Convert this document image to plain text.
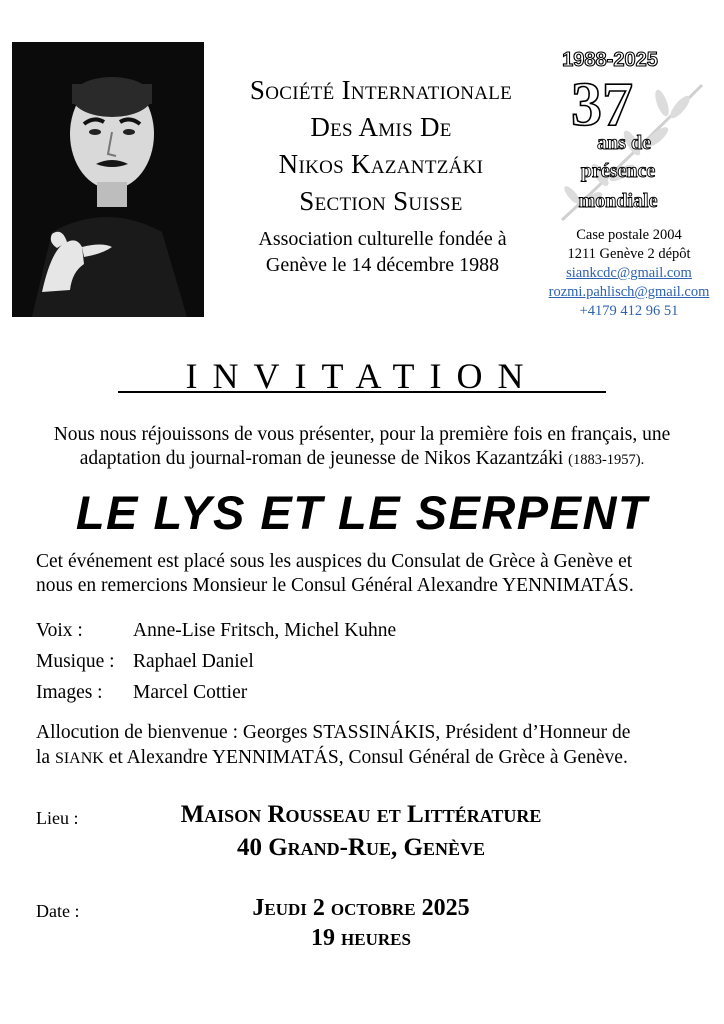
Société Internationale
Des Amis De
Nikos Kazantzáki
Section Suisse
Association culturelle fondée à
Genève le 14 décembre 1988
1988-2025
37
ans de
présence
mondiale
Case postale 2004
1211 Genève 2 dépôt
siankcdc@gmail.com
rozmi.pahlisch@gmail.com
+4179 412 96 51
INVITATION
Nous nous réjouissons de vous présenter, pour la première fois en français, une
adaptation du journal-roman de jeunesse de Nikos Kazantzáki (1883-1957).
LE LYS ET LE SERPENT
Cet événement est placé sous les auspices du Consulat de Grèce à Genève et
nous en remercions Monsieur le Consul Général Alexandre YENNIMATÁS.
Voix :	Anne-Lise Fritsch, Michel Kuhne
Musique : Raphael Daniel
Images : Marcel Cottier
Allocution de bienvenue : Georges STASSINÁKIS, Président d’Honneur de
la SIANK et Alexandre YENNIMATÁS, Consul Général de Grèce à Genève.
Lieu :	Maison Rousseau et Littérature
40 Grand-Rue, Genève
Date :	Jeudi 2 octobre 2025
19 heures
